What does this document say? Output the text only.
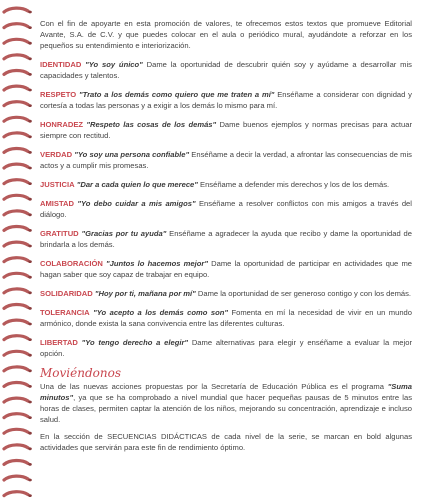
Con el fin de apoyarte en esta promoción de valores, te ofrecemos estos textos que promueve Editorial Avante, S.A. de C.V. y que puedes colocar en el aula o periódico mural, ayudándote a reforzar en los pequeños su entendimiento e interiorización.

IDENTIDAD "Yo soy único" Dame la oportunidad de descubrir quién soy y ayúdame a desarrollar mis capacidades y talentos.

RESPETO "Trato a los demás como quiero que me traten a mí" Enséñame a considerar con dignidad y cortesía a todas las personas y a exigir a los demás lo mismo para mí.

HONRADEZ "Respeto las cosas de los demás" Dame buenos ejemplos y normas precisas para actuar siempre con rectitud.

VERDAD "Yo soy una persona confiable" Enséñame a decir la verdad, a afrontar las consecuencias de mis actos y a cumplir mis promesas.

JUSTICIA "Dar a cada quien lo que merece" Enséñame a defender mis derechos y los de los demás.

AMISTAD "Yo debo cuidar a mis amigos" Enséñame a resolver conflictos con mis amigos a través del diálogo.

GRATITUD "Gracias por tu ayuda" Enséñame a agradecer la ayuda que recibo y dame la oportunidad de brindarla a los demás.

COLABORACIÓN "Juntos lo hacemos mejor" Dame la oportunidad de participar en actividades que me hagan saber que soy capaz de trabajar en equipo.

SOLIDARIDAD "Hoy por ti, mañana por mí" Dame la oportunidad de ser generoso contigo y con los demás.

TOLERANCIA "Yo acepto a los demás como son" Fomenta en mí la necesidad de vivir en un mundo armónico, donde exista la sana convivencia entre las diferentes culturas.

LIBERTAD "Yo tengo derecho a elegir" Dame alternativas para elegir y enséñame a evaluar la mejor opción.

Moviéndonos

Una de las nuevas acciones propuestas por la Secretaría de Educación Pública es el programa "Suma minutos", ya que se ha comprobado a nivel mundial que hacer pequeñas pausas de 5 minutos entre las horas de clases, permiten captar la atención de los niños, mejorando su concentración, aprendizaje e incluso salud.

En la sección de SECUENCIAS DIDÁCTICAS de cada nivel de la serie, se marcan en bold algunas actividades que servirán para este fin de rendimiento óptimo.
